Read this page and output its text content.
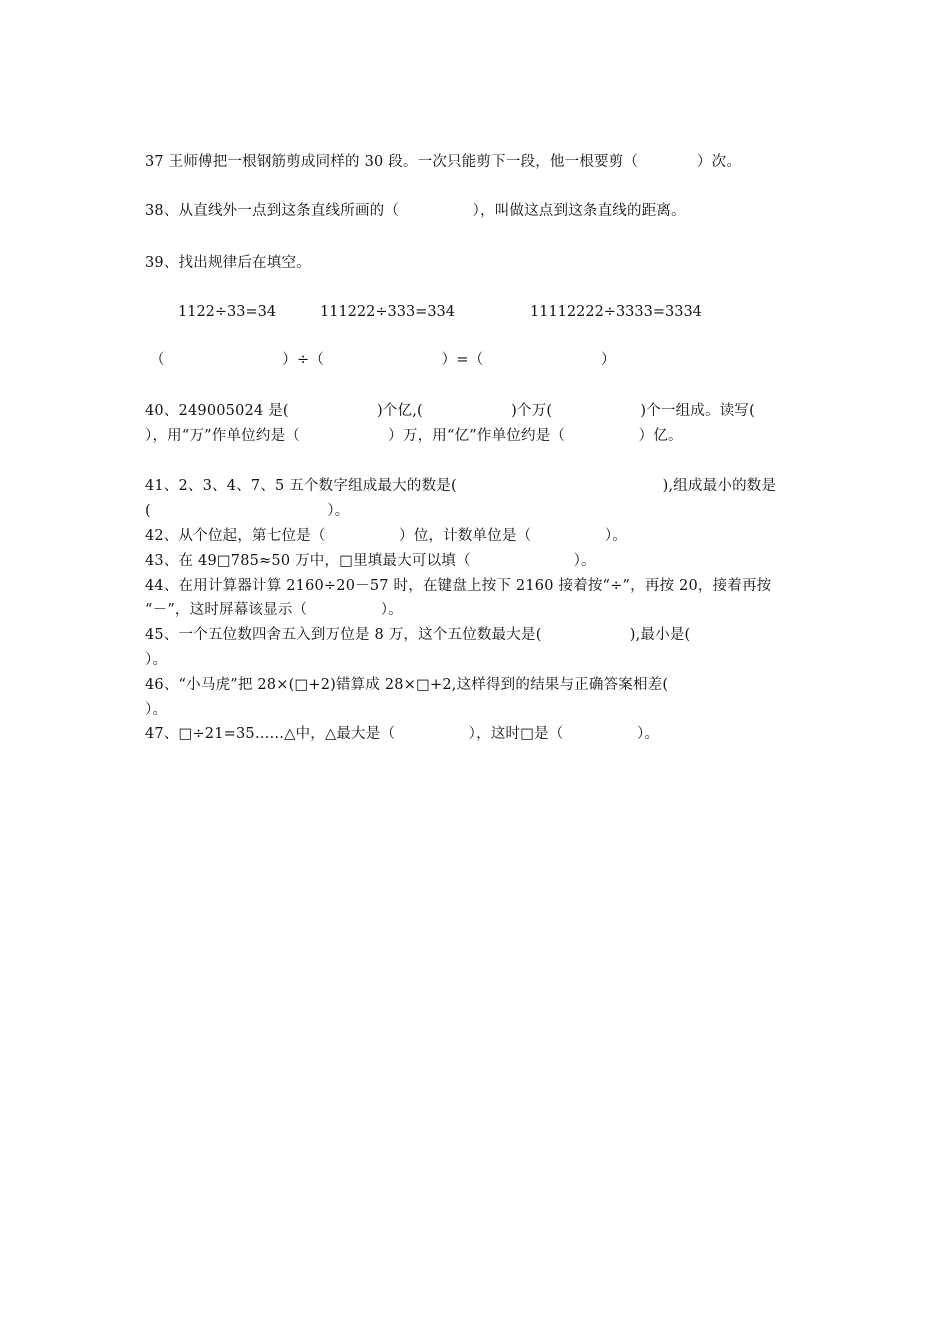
37 王师傅把一根钢筋剪成同样的 30 段。一次只能剪下一段，他一根要剪（　　　　）次。
38、从直线外一点到这条直线所画的（　　　　　），叫做这点到这条直线的距离。
39、找出规律后在填空。
1122÷33=34	111222÷333=334	11112222÷3333=3334
（　　　　　　　　）÷（　　　　　　　　）=（　　　　　　　　）
40、249005024 是(　　　　　　)个亿,(　　　　　　)个万(　　　　　　)个一组成。读写(
），用“万”作单位约是（　　　　　　）万，用“亿”作单位约是（　　　　　）亿。
41、2、3、4、7、5 五个数字组成最大的数是(　　　　　　　　　　　　　　),组成最小的数是
(　　　　　　　　　　　　）。
42、从个位起，第七位是（　　　　　）位，计数单位是（　　　　　）。
43、在 49□785≈50 万中，□里填最大可以填（　　　　　　　）。
44、在用计算器计算 2160÷20－57 时，在键盘上按下 2160 接着按“÷”，再按 20，接着再按
“－”，这时屏幕该显示（　　　　　）。
45、一个五位数四舍五入到万位是 8 万，这个五位数最大是(　　　　　　),最小是(
）。
46、“小马虎”把 28×(□+2)错算成 28×□+2,这样得到的结果与正确答案相差(
）。
47、□÷21=35……△中，△最大是（　　　　　），这时□是（　　　　　）。
